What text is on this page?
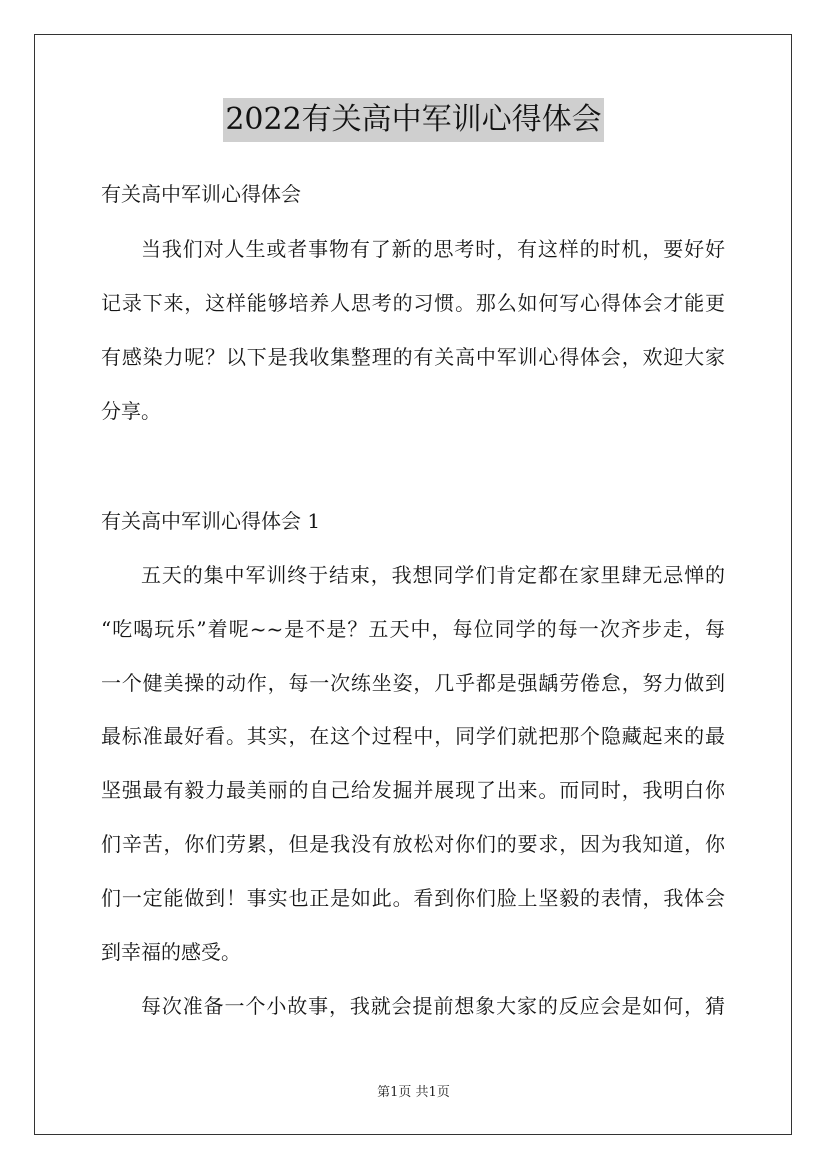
2022有关高中军训心得体会
有关高中军训心得体会
当我们对人生或者事物有了新的思考时，有这样的时机，要好好
记录下来，这样能够培养人思考的习惯。那么如何写心得体会才能更
有感染力呢？以下是我收集整理的有关高中军训心得体会，欢迎大家
分享。
有关高中军训心得体会 1
五天的集中军训终于结束，我想同学们肯定都在家里肆无忌惮的
“吃喝玩乐”着呢~~是不是？五天中，每位同学的每一次齐步走，每
一个健美操的动作，每一次练坐姿，几乎都是强龋劳倦怠，努力做到
最标准最好看。其实，在这个过程中，同学们就把那个隐藏起来的最
坚强最有毅力最美丽的自己给发掘并展现了出来。而同时，我明白你
们辛苦，你们劳累，但是我没有放松对你们的要求，因为我知道，你
们一定能做到！事实也正是如此。看到你们脸上坚毅的表情，我体会
到幸福的感受。
每次准备一个小故事，我就会提前想象大家的反应会是如何，猜
第1页 共1页
